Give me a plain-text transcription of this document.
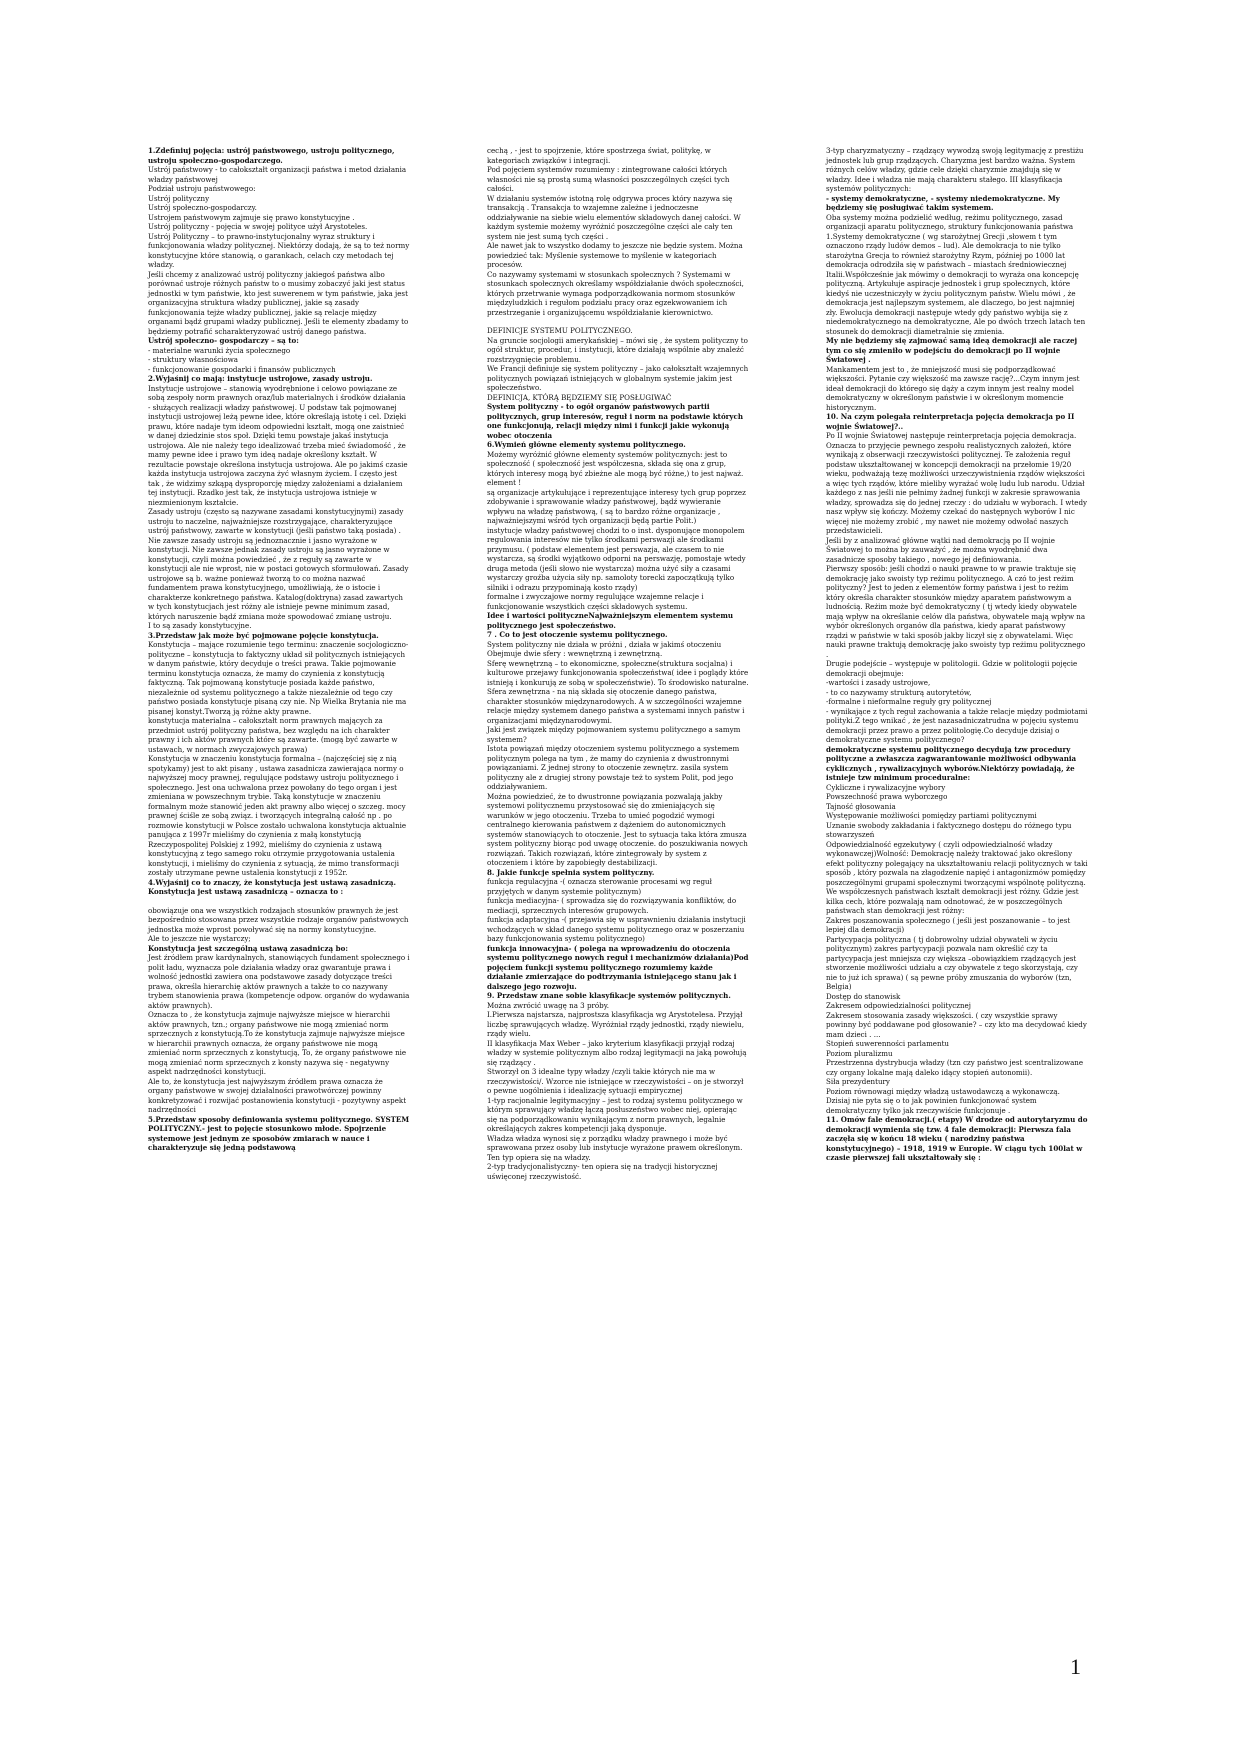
1.Zdefiniuj pojęcia: ustrój państwowego, ustroju politycznego, ustroju społeczno-gospodarczego.

Ustrój państwowy - to całokształt organizacji państwa i metod działania władzy państwowej

Podział ustroju państwowego:

Ustrój polityczny

Ustrój społeczno-gospodarczy.

Ustrojem państwowym zajmuje się prawo konstytucyjne .

Ustrój polityczny - pojęcia w swojej polityce użył Arystoteles.

Ustrój Polityczny – to prawno-instytucjonalny wyraz struktury i funkcjonowania władzy politycznej. Niektórzy dodają, że są to też normy konstytucyjne które stanowią, o garankach, celach czy metodach tej władzy.

Jeśli chcemy z analizować ustrój polityczny jakiegoś państwa albo porównać ustroje różnych państw to o musimy zobaczyć jaki jest status jednostki w tym państwie, kto jest suwerenem w tym państwie, jaka jest organizacyjna struktura władzy publicznej, jakie są zasady funkcjonowania tejże władzy publicznej, jakie są relacje między organami bądź grupami władzy publicznej. Jeśli te elementy zbadamy to będziemy potrafić scharakteryzować ustrój danego państwa.

Ustrój społeczno- gospodarczy – są to:

- materialne warunki życia społecznego

- struktury własnościowa

- funkcjonowanie gospodarki i finansów publicznych

2.Wyjaśnij co mają: instytucje ustrojowe, zasady ustroju.

Instytucje ustrojowe – stanowią wyodrębnione i celowo powiązane ze sobą zespoły norm prawnych oraz/lub materialnych i środków działania - służących realizacji władzy państwowej. U podstaw tak pojmowanej instytucji ustrojowej leżą pewne idee, które określają istotę i cel. Dzięki prawu, które nadaje tym ideom odpowiedni kształt, mogą one zaistnieć w danej dziedzinie stos społ. Dzięki temu powstaje jakaś instytucja ustrojowa. Ale nie należy tego idealizować trzeba mieć świadomość , że mamy pewne idee i prawo tym ideą nadaje określony kształt. W rezultacie powstaje określona instytucja ustrojowa. Ale po jakimś czasie każda instytucja ustrojowa zaczyna żyć własnym życiem. I często jest tak , że widzimy szkąpą dysproporcję między założeniami a działaniem tej instytucji. Rzadko jest tak, że instytucja ustrojowa istnieje w niezmienionym kształcie.

Zasady ustroju (często są nazywane zasadami konstytucyjnymi) zasady ustroju to naczelne, najważniejsze rozstrzygające, charakteryzujące ustrój państwowy, zawarte w konstytucji (jeśli państwo taką posiada) . Nie zawsze zasady ustroju są jednoznacznie i jasno wyrażone w konstytucji. Nie zawsze jednak zasady ustroju są jasno wyrażone w konstytucji, czyli można powiedzieć , że z reguły są zawarte w konstytucji ale nie wprost, nie w postaci gotowych sformułowań. Zasady ustrojowe są b. ważne ponieważ tworzą to co można nazwać fundamentem prawa konstytucyjnego, umożliwiają, że o istocie i charakterze konkretnego państwa. Katalog(doktryna) zasad zawartych w tych konstytucjach jest różny ale istnieje pewne minimum zasad, których naruszenie bądź zmiana może spowodować zmianę ustroju.

I to są zasady konstytucyjne.

3.Przedstaw jak może być pojmowane pojęcie konstytucja.

Konstytucja – mające rozumienie tego terminu: znaczenie socjologiczno-polityczne – konstytucja to faktyczny układ sił politycznych istniejących w danym państwie, który decyduje o treści prawa. Takie pojmowanie terminu konstytucja oznacza, że mamy do czynienia z konstytucją faktyczną. Tak pojmowaną konstytucje posiada każde państwo, niezależnie od systemu politycznego a także niezależnie od tego czy państwo posiada konstytucje pisaną czy nie. Np Wielka Brytania nie ma pisanej konstyt.Tworzą ją różne akty prawne.

konstytucja materialna – całokształt norm prawnych mających za przedmiot ustrój polityczny państwa, bez względu na ich charakter prawny i ich aktów prawnych które są zawarte. (mogą być zawarte w ustawach, w normach zwyczajowych prawa)

Konstytucja w znaczeniu konstytucja formalna – (najczęściej się z nią spotykamy) jest to akt pisany , ustawa zasadnicza zawierająca normy o najwyższej mocy prawnej, regulujące podstawy ustroju politycznego i społecznego. Jest ona uchwalona przez powołany do tego organ i jest zmieniana w powszechnym trybie. Taką konstytucje w znaczeniu formalnym może stanowić jeden akt prawny albo więcej o szczeg. mocy prawnej ściśle ze sobą związ. i tworzących integralną całość np . po rozmowie konstytucji w Polsce zostało uchwalona konstytucja aktualnie panująca z 1997r mieliśmy do czynienia z małą konstytucją Rzeczypospolitej Polskiej z 1992, mieliśmy do czynienia z ustawą konstytucyjną z tego samego roku otrzymie przygotowania ustalenia konstytucji, i mieliśmy do czynienia z sytuacją, że mimo transformacji zostały utrzymane pewne ustalenia konstytucji z 1952r.

4.Wyjaśnij co to znaczy, że konstytucja jest ustawą zasadniczą. Konstytucja jest ustawą zasadniczą – oznacza to :

obowiązuje ona we wszystkich rodzajach stosunków prawnych że jest bezpośrednio stosowana przez wszystkie rodzaje organów państwowych

jednostka może wprost powoływać się na normy konstytucyjne.

Ale to jeszcze nie wystarczy;

Konstytucja jest szczególną ustawą zasadniczą bo:

Jest źródłem praw kardynalnych, stanowiących fundament społecznego i polit ładu, wyznacza pole działania władzy oraz gwarantuje prawa i wolność jednostki zawiera ona podstawowe zasady dotyczące treści prawa, określa hierarchię aktów prawnych a także to co nazywany trybem stanowienia prawa (kompetencje odpow. organów do wydawania aktów prawnych).

Oznacza to , że konstytucja zajmuje najwyższe miejsce w hierarchii aktów prawnych, tzn.; organy państwowe nie mogą zmieniać norm sprzecznych z konstytucją.To że konstytucja zajmuje najwyższe miejsce w hierarchii prawnych oznacza, że organy państwowe nie mogą zmieniać norm sprzecznych z konstytucją, To, że organy państwowe nie mogą zmieniać norm sprzecznych z konsty nazywa się - negatywny aspekt nadrzędności konstytucji.

Ale to, że konstytucja jest najwyższym źródłem prawa oznacza że organy państwowe w swojej działalności prawotwórczej powinny konkretyzować i rozwijać postanowienia konstytucji - pozytywny aspekt nadrzędności

5.Przedstaw sposoby definiowania systemu politycznego. SYSTEM POLITYCZNY.- jest to pojęcie stosunkowo młode. Spojrzenie systemowe jest jednym ze sposobów zmiarach w nauce i charakteryzuje się jedną podstawową

cechą , - jest to spojrzenie, które spostrzega świat, politykę, w kategoriach związków i integracji.

Pod pojęciem systemów rozumiemy : zintegrowane całości których własności nie są prostą sumą własności poszczególnych części tych całości.

W działaniu systemów istotną rolę odgrywa proces który nazywa się transakcją . Transakcja to wzajemne zależne i jednoczesne oddziaływanie na siebie wielu elementów składowych danej całości. W każdym systemie możemy wyróżnić poszczególne części ale cały ten system nie jest sumą tych części .

Ale nawet jak to wszystko dodamy to jeszcze nie będzie system. Można powiedzieć tak: Myślenie systemowe to myślenie w kategoriach procesów.

Co nazywamy systemami w stosunkach społecznych ? Systemami w stosunkach społecznych określamy współdziałanie dwóch społeczności, których przetrwanie wymaga podporządkowania normom stosunków międzyludzkich i regułom podziału pracy oraz egzekwowaniem ich przestrzeganie i organizującemu współdziałanie kierownictwo.

DEFINICJE SYSTEMU POLITYCZNEGO.

Na gruncie socjologii amerykańskiej – mówi się , że system polityczny to ogół struktur, procedur, i instytucji, które działają wspólnie aby znaleźć rozstrzygnięcie problemu.

We Francji definiuje się system polityczny – jako całokształt wzajemnych politycznych powiązań istniejących w globalnym systemie jakim jest społeczeństwo.

DEFINICJA, KTÓRĄ BĘDZIEMY SIĘ POSŁUGIWAĆ

System polityczny - to ogół organów państwowych partii politycznych, grup interesów, reguł i norm na podstawie których one funkcjonują, relacji między nimi i funkcji jakie wykonują wobec otoczenia

6.Wymień główne elementy systemu politycznego.

Możemy wyróżnić główne elementy systemów politycznych: jest to społeczność ( społeczność jest współczesna, składa się ona z grup, których interesy mogą być zbieżne ale mogą być różne,) to jest najważ. element !

są organizacje artykułujące i reprezentujące interesy tych grup poprzez zdobywanie i sprawowanie władzy państwowej, bądź wywieranie wpływu na władzę państwową, ( są to bardzo różne organizacje , najważniejszymi wśród tych organizacji będą partie Polit.)

instytucje władzy państwowej chodzi to o inst. dysponujące monopolem regulowania interesów nie tylko środkami perswazji ale środkami przymusu. ( podstaw elementem jest perswazja, ale czasem to nie wystarcza, są środki wyjątkowo odporni na perswazję, pomostaje wtedy druga metoda (jeśli słowo nie wystarcza) można użyć siły a czasami wystarczy groźba użycia siły np. samoloty torecki zapoczątkują tylko silniki i odrazu przypominają kosto rządy)

formalne i zwyczajowe normy regulujące wzajemne relacje i funkcjonowanie wszystkich części składowych systemu.

Idee i wartości polityczneNajważniejszym elementem systemu politycznego jest społeczeństwo.

7 . Co to jest otoczenie systemu politycznego.

System polityczny nie działa w próżni , działa w jakimś otoczeniu Obejmuje dwie sfery : wewnętrzną i zewnętrzną.

Sferę wewnętrzną – to ekonomiczne, społeczne(struktura socjalna) i kulturowe przejawy funkcjonowania społeczeństwa( idee i poglądy które istnieją i konkurują ze sobą w społeczeństwie). To środowisko naturalne.

Sfera zewnętrzna - na nią składa się otoczenie danego państwa, charakter stosunków międzynarodowych. A w szczególności wzajemne relacje między systemem danego państwa a systemami innych państw i organizacjami międzynarodowymi.

Jaki jest związek między pojmowaniem systemu politycznego a samym systemem?

Istota powiązań między otoczeniem systemu politycznego a systemem politycznym polega na tym , że mamy do czynienia z dwustronnymi powiązaniami. Z jednej strony to otoczenie zewnętrz. zasila system polityczny ale z drugiej strony powstaje też to system Polit, pod jego oddziaływaniem.

Można powiedzieć, że to dwustronne powiązania pozwalają jakby systemowi politycznemu przystosować się do zmieniających się warunków w jego otoczeniu. Trzeba to umieć pogodzić wymogi centralnego kierowania państwem z dążeniem do autonomicznych systemów stanowiących to otoczenie. Jest to sytuacja taka która zmusza system polityczny biorąc pod uwagę otoczenie. do poszukiwania nowych rozwiązań. Takich rozwiązań, które zintegrowały by system z otoczeniem i które by zapobiegły destabilizacji.

8. Jakie funkcje spełnia system polityczny.

funkcja regulacyjna -( oznacza sterowanie procesami wg reguł przyjętych w danym systemie politycznym)

funkcja mediacyjna- ( sprowadza się do rozwiązywania konfliktów, do mediacji, sprzecznych interesów grupowych.

funkcja adaptacyjna -( przejawia się w usprawnieniu działania instytucji wchodzących w skład danego systemu politycznego oraz w poszerzaniu bazy funkcjonowania systemu politycznego)

funkcja innowacyjna- ( polega na wprowadzeniu do otoczenia systemu politycznego nowych reguł i mechanizmów działania)Pod pojęciem funkcji systemu politycznego rozumiemy każde działanie zmierzające do podtrzymania istniejącego stanu jak i dalszego jego rozwoju.

9. Przedstaw znane sobie klasyfikacje systemów politycznych.

Można zwrócić uwagę na 3 próby.

I.Pierwsza najstarsza, najprostsza klasyfikacja wg Arystotelesa. Przyjął liczbę sprawujących władzę. Wyróżniał rządy jednostki, rządy niewielu, rządy wielu.

II klasyfikacja Max Weber – jako kryterium klasyfikacji przyjął rodzaj władzy w systemie politycznym albo rodzaj legitymacji na jaką powołują się rządzący .

Stworzył on 3 idealne typy władzy /czyli takie których nie ma w rzeczywistości/. Wzorce nie istniejące w rzeczywistości – on je stworzył o pewne uogólnienia i idealizację sytuacji empirycznej

1-typ racjonalnie legitymacyjny – jest to rodzaj systemu politycznego w którym sprawujący władzę łączą posłuszeństwo wobec niej, opierając się na podporządkowaniu wynikającym z norm prawnych, legalnie określających zakres kompetencji jaką dysponuje.

Władza władza wynosi się z porządku władzy prawnego i może być sprawowana przez osoby lub instytucje wyrażone prawem określonym. Ten typ opiera się na władzy.

2-typ tradycjonalistyczny- ten opiera się na tradycji historycznej uświęconej rzeczywistość.

3-typ charyzmatyczny – rządzący wywodzą swoją legitymację z prestiżu jednostek lub grup rządzących. Charyzma jest bardzo ważna. System różnych celów władzy, gdzie cele dzięki charyzmie znajdują się w władzy. Idee i władza nie mają charakteru stałego. III klasyfikacja systemów politycznych:

- systemy demokratyczne, - systemy niedemokratyczne. My będziemy się posługiwać takim systemem.

Oba systemy można podzielić według, reżimu politycznego, zasad organizacji aparatu politycznego, struktury funkcjonowania państwa

1.Systemy demokratyczne ( wg starożytnej Grecji ,słowem t tym oznaczono rządy ludów demos – lud). Ale demokracja to nie tylko starożytna Grecja to również starożytny Rzym, później po 1000 lat demokracja odrodziła się w państwach – miastach średniowiecznej Italii.Współcześnie jak mówimy o demokracji to wyraża ona koncepcję polityczną. Artykułuje aspiracje jednostek i grup społecznych, które kiedyś nie uczestniczyły w życiu politycznym państw. Wielu mówi , że demokracja jest najlepszym systemem, ale dlaczego, bo jest najmniej zły. Ewolucja demokracji następuje wtedy gdy państwo wybija się z niedemokratycznego na demokratyczne, Ale po dwóch trzech latach ten stosunek do demokracji diametralnie się zmienia.

My nie będziemy się zajmować samą ideą demokracji ale raczej tym co się zmieniło w podejściu do demokracji po II wojnie Światowej .

Mankamentem jest to , że mniejszość musi się podporządkować większości. Pytanie czy większość ma zawsze rację?...Czym innym jest ideał demokracji do którego się dąży a czym innym jest realny model demokratyczny w określonym państwie i w określonym momencie historycznym.

10. Na czym polegała reinterpretacja pojęcia demokracja po II wojnie Światowej?..

Po II wojnie Światowej następuje reinterpretacja pojęcia demokracja. Oznacza to przyjęcie pewnego zespołu realistycznych założeń, które wynikają z obserwacji rzeczywistości politycznej. Te założenia reguł podstaw ukształtowanej w koncepcji demokracji na przełomie 19/20 wieku, podważają tezę możliwości urzeczywistnienia rządów większości a więc tych rządów, które mieliby wyrażać wolę ludu lub narodu. Udział każdego z nas jeśli nie pełnimy żadnej funkcji w zakresie sprawowania władzy, sprowadza się do jednej rzeczy : do udziału w wyborach. I wtedy nasz wpływ się kończy. Możemy czekać do następnych wyborów I nic więcej nie możemy zrobić , my nawet nie możemy odwołać naszych przedstawicieli.

Jeśli by z analizować główne wątki nad demokracją po II wojnie Światowej to można by zauważyć , że można wyodrębnić dwa zasadnicze sposoby takiego , nowego jej definiowania.

Pierwszy sposób: jeśli chodzi o nauki prawne to w prawie traktuje się demokrację jako swoisty typ reżimu politycznego. A czó to jest reżim polityczny? Jest to jeden z elementów formy państwa i jest to reżim który określa charakter stosunków między aparatem państwowym a ludnością. Reżim może być demokratyczny ( tj wtedy kiedy obywatele mają wpływ na określanie celów dla państwa, obywatele mają wpływ na wybór określonych organów dla państwa, kiedy aparat państwowy rządzi w państwie w taki sposób jakby liczył się z obywatelami. Więc nauki prawne traktują demokrację jako swoisty typ reżimu politycznego .

Drugie podejście – występuje w politologii. Gdzie w politologii pojęcie demokracji obejmuje:

-wartości i zasady ustrojowe,

- to co nazywamy strukturą autorytetów,

-formalne i nieformalne reguły gry politycznej

- wynikające z tych reguł zachowania a także relacje między podmiotami polityki.Z tego wnikać , że jest nazasadniczatrudna w pojęciu systemu demokracji przez prawo a przez politologię.Co decyduje dzisiaj o demokratyczne systemu politycznego?

demokratyczne systemu politycznego decydują tzw procedury polityczne a zwłaszcza zagwarantowanie możliwości odbywania cyklicznych , rywalizacyjnych wyborów.Niektórzy powiadają, że istnieje tzw minimum proceduralne:

Cykliczne i rywalizacyjne wybory

Powszechność prawa wyborczego

Tajność głosowania

Występowanie możliwości pomiędzy partiami politycznymi

Uznanie swobody zakładania i faktycznego dostępu do różnego typu stowarzyszeń

Odpowiedzialność egzekutywy ( czyli odpowiedzialność władzy wykonawczej)Wolność: Demokrację należy traktować jako określony efekt polityczny polegający na ukształtowaniu relacji politycznych w taki sposób , który pozwala na złagodzenie napięć i antagonizmów pomiędzy poszczególnymi grupami społecznymi tworzącymi wspólnotę polityczną.

We współczesnych państwach kształt demokracji jest różny. Gdzie jest kilka cech, które pozwalają nam odnotować, że w poszczególnych państwach stan demokracji jest różny:

Zakres poszanowania społecznego ( jeśli jest poszanowanie – to jest lepiej dla demokracji)

Partycypacja polityczna ( tj dobrowolny udział obywateli w życiu politycznym) zakres partycypacji pozwala nam określić czy ta partycypacja jest mniejsza czy większa –obowiązkiem rządzących jest stworzenie możliwości udziału a czy obywatele z tego skorzystają, czy nie to już ich sprawa) ( są pewne próby zmuszania do wyborów (tzn, Belgia)

Dostęp do stanowisk

Zakresem odpowiedzialności politycznej

Zakresem stosowania zasady większości. ( czy wszystkie sprawy powinny być poddawane pod głosowanie? – czy kto ma decydować kiedy mam dzieci . ...

Stopień suwerenności parlamentu

Poziom pluralizmu

Przestrzenna dystrybucja władzy (tzn czy państwo jest scentralizowane czy organy lokalne mają daleko idący stopień autonomii).

Siła prezydentury

Poziom równowagi między władzą ustawodawczą a wykonawczą.

Dzisiaj nie pyta się o to jak powinien funkcjonować system demokratyczny tylko jak rzeczywiście funkcjonuje .

11. Omów fale demokracji.( etapy) W drodze od autorytaryzmu do demokracji wymienia się tzw. 4 fale demokracji: Pierwsza fala zaczęła się w końcu 18 wieku ( narodziny państwa konstytucyjnego) – 1918, 1919 w Europie. W ciągu tych 100lat w czasie pierwszej fali ukształtowały się :

1
